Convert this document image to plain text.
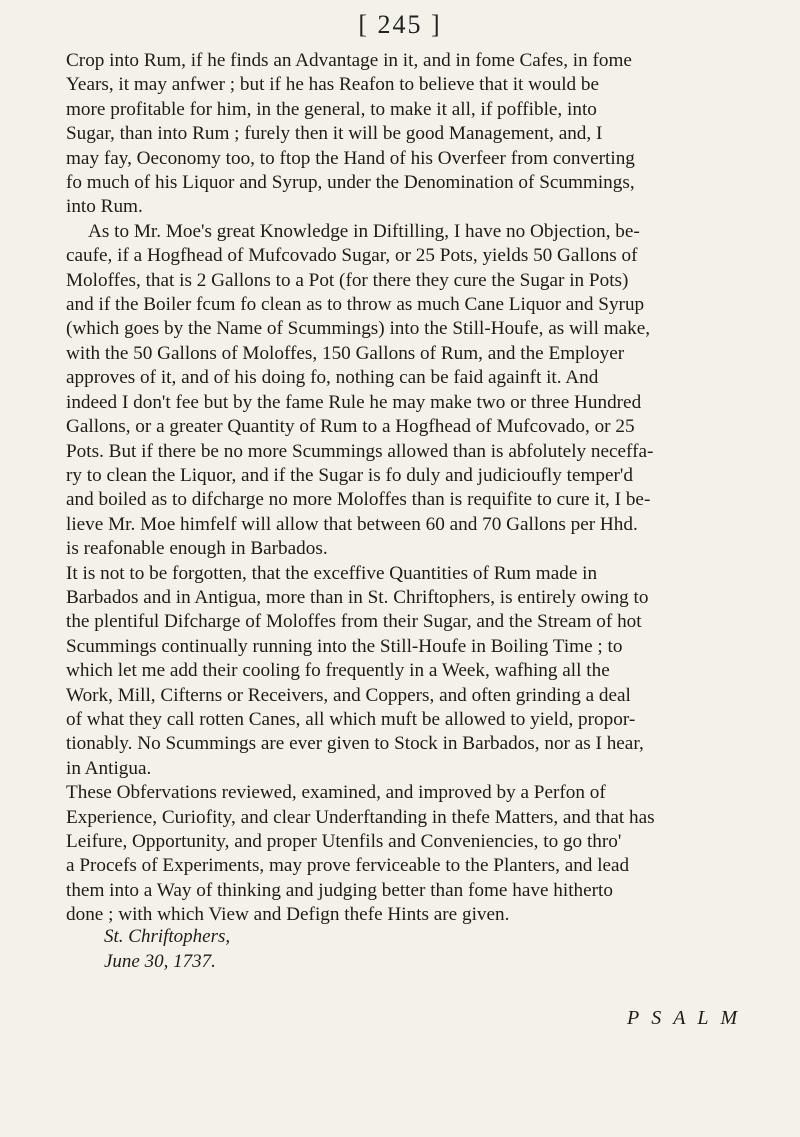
[ 245 ]

Crop into Rum, if he finds an Advantage in it, and in fome Cafes, in fome
Years, it may anfwer ; but if he has Reafon to believe that it would be
more profitable for him, in the general, to make it all, if poffible, into
Sugar, than into Rum ; furely then it will be good Management, and, I
may fay, Oeconomy too, to ftop the Hand of his Overfeer from converting
fo much of his Liquor and Syrup, under the Denomination of Scummings,
into Rum.

As to Mr. Moe's great Knowledge in Diftilling, I have no Objection, be-
caufe, if a Hogfhead of Mufcovado Sugar, or 25 Pots, yields 50 Gallons of
Moloffes, that is 2 Gallons to a Pot (for there they cure the Sugar in Pots)
and if the Boiler fcum fo clean as to throw as much Cane Liquor and Syrup
(which goes by the Name of Scummings) into the Still-Houfe, as will make,
with the 50 Gallons of Moloffes, 150 Gallons of Rum, and the Employer
approves of it, and of his doing fo, nothing can be faid againft it. And
indeed I don't fee but by the fame Rule he may make two or three Hundred
Gallons, or a greater Quantity of Rum to a Hogfhead of Mufcovado, or 25
Pots. But if there be no more Scummings allowed than is abfolutely neceffa-
ry to clean the Liquor, and if the Sugar is fo duly and judicioufly temper'd
and boiled as to difcharge no more Moloffes than is requifite to cure it, I be-
lieve Mr. Moe himfelf will allow that between 60 and 70 Gallons per Hhd.
is reafonable enough in Barbados.

It is not to be forgotten, that the exceffive Quantities of Rum made in
Barbados and in Antigua, more than in St. Chriftophers, is entirely owing to
the plentiful Difcharge of Moloffes from their Sugar, and the Stream of hot
Scummings continually running into the Still-Houfe in Boiling Time ; to
which let me add their cooling fo frequently in a Week, wafhing all the
Work, Mill, Cifterns or Receivers, and Coppers, and often grinding a deal
of what they call rotten Canes, all which muft be allowed to yield, propor-
tionably. No Scummings are ever given to Stock in Barbados, nor as I hear,
in Antigua.

These Obfervations reviewed, examined, and improved by a Perfon of
Experience, Curiofity, and clear Underftanding in thefe Matters, and that has
Leifure, Opportunity, and proper Utenfils and Conveniencies, to go thro'
a Procefs of Experiments, may prove ferviceable to the Planters, and lead
them into a Way of thinking and judging better than fome have hitherto
done ; with which View and Defign thefe Hints are given.

St. Chriftophers,
June 30, 1737.
PSALM
